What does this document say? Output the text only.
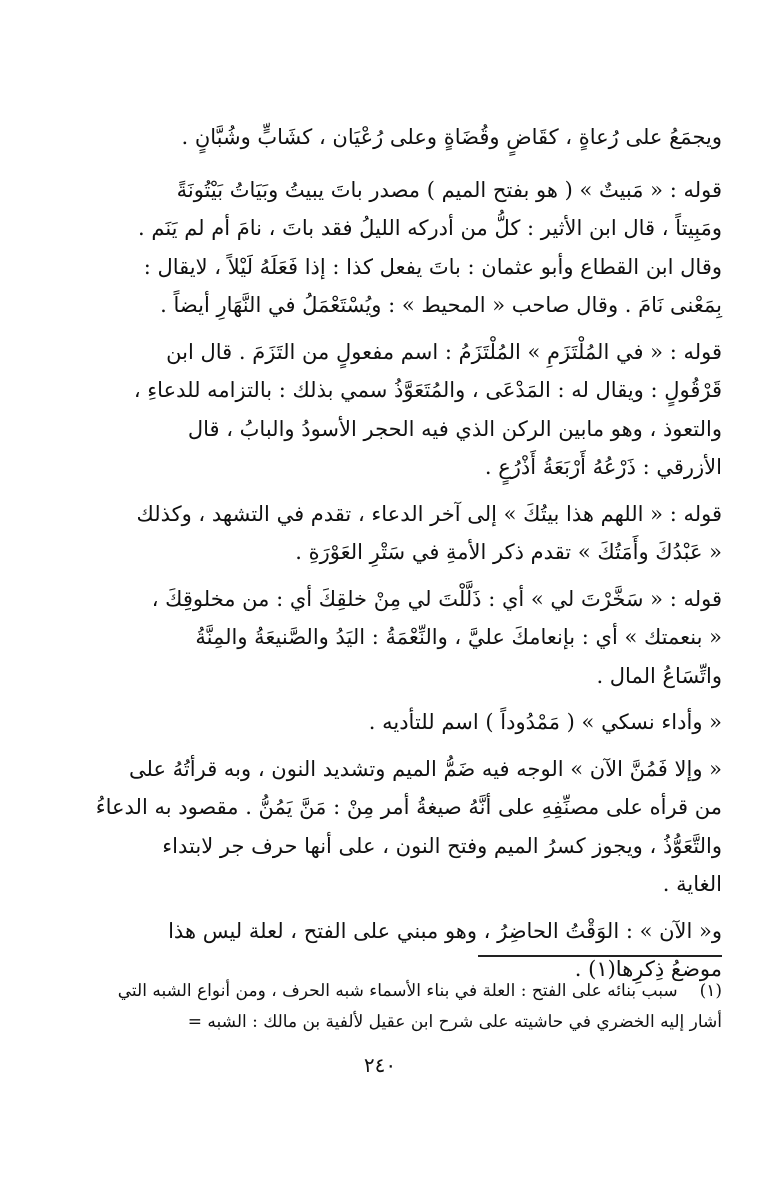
ويجمَعُ على رُعاةٍ ، كقَاضٍ وقُضَاةٍ وعلى رُعْيَان ، كشَابٍّ وشُبَّانٍ .
قوله : « مَبيتٌ » ( هو بفتح الميم ) مصدر باتَ يبيتُ وبَيَاتُ بَيْتُونَةً
ومَبِيتاً ، قال ابن الأثير : كلُّ من أدركه الليلُ فقد باتَ ، نامَ أم لم يَنَم .
وقال ابن القطاع وأبو عثمان : باتَ يفعل كذا : إذا فَعَلَهُ لَيْلاً ، لايقال :
بِمَعْنى نَامَ . وقال صاحب « المحيط » : ويُسْتَعْمَلُ في النَّهَارِ أيضاً .
قوله : « في المُلْتَزَمِ » المُلْتَزَمُ : اسم مفعولٍ من التَزَمَ . قال ابن
قَرْقُولٍ : ويقال له : المَدْعَى ، والمُتَعَوَّذُ سمي بذلك : بالتزامه للدعاءِ ،
والتعوذ ، وهو مابين الركن الذي فيه الحجر الأسودُ والبابُ ، قال
الأزرقي : ذَرْعُهُ أَرْبَعَةُ أَذْرُعٍ .
قوله : « اللهم هذا بيتُكَ » إلى آخر الدعاء ، تقدم في التشهد ، وكذلك
« عَبْدُكَ وأَمَتُكَ » تقدم ذكر الأمةِ في سَتْرِ العَوْرَةِ .
قوله : « سَخَّرْتَ لي » أي : ذَلَّلْتَ لي مِنْ خلقِكَ أي : من مخلوقِكَ ،
« بنعمتك » أي : بإنعامكَ عليَّ ، والنِّعْمَةُ : اليَدُ والصَّنيعَةُ والمِنَّةُ
واتِّسَاعُ المال .
« وأداء نسكي » ( مَمْدُوداً ) اسم للتأديه .
« وإلا فَمُنَّ الآن » الوجه فيه ضَمُّ الميم وتشديد النون ، وبه قرأتُهُ على
من قرأه على مصنِّفِهِ على أنَّهُ صيغةُ أمر مِنْ : مَنَّ يَمُنُّ . مقصود به الدعاءُ
والتَّعَوُّذُ ، ويجوز كسرُ الميم وفتح النون ، على أنها حرف جر لابتداء
الغاية .
و« الآن » : الوَقْتُ الحاضِرُ ، وهو مبني على الفتح ، لعلة ليس هذا
موضعُ ذِكرِها(١) .
(١)سبب بنائه على الفتح : العلة في بناء الأسماء شبه الحرف ، ومن أنواع الشبه التي
أشار إليه الخضري في حاشيته على شرح ابن عقيل لألفية بن مالك : الشبه =
٢٤٠
